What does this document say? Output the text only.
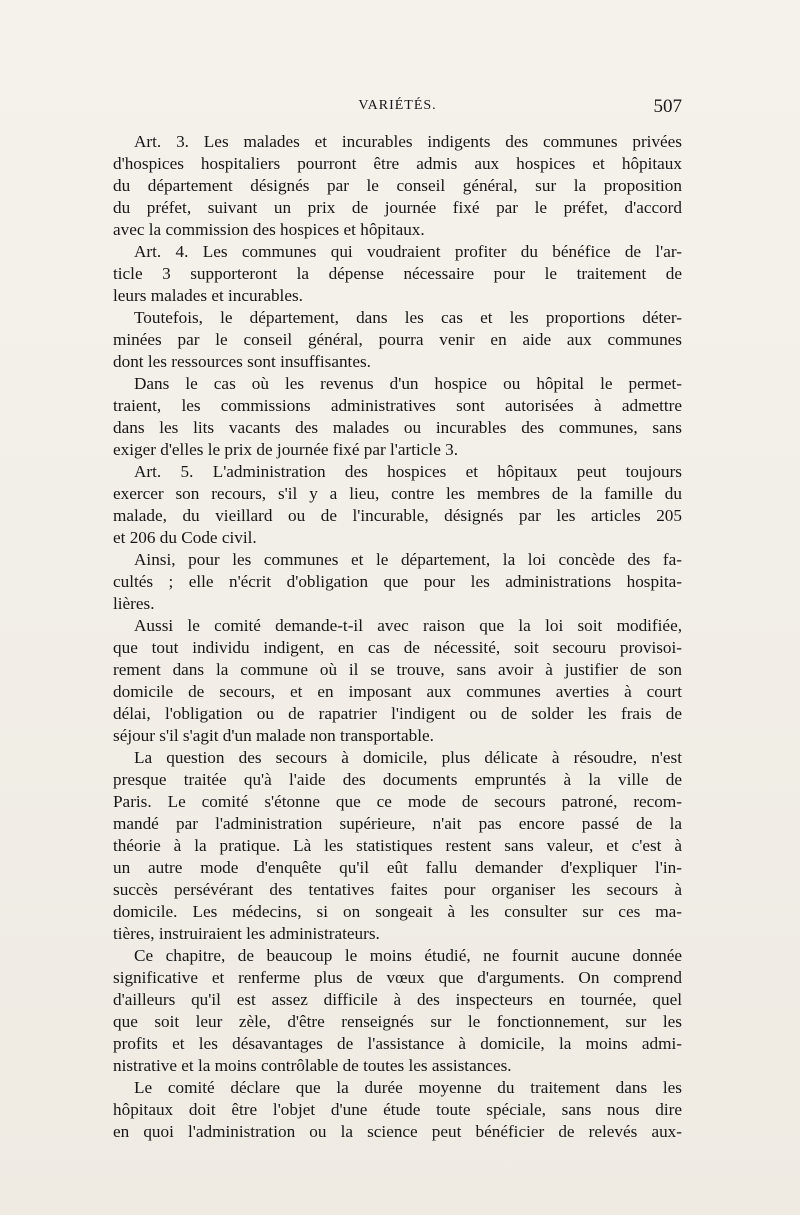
VARIÉTÉS.	507
Art. 3. Les malades et incurables indigents des communes privées
d'hospices hospitaliers pourront être admis aux hospices et hôpitaux
du département désignés par le conseil général, sur la proposition
du préfet, suivant un prix de journée fixé par le préfet, d'accord
avec la commission des hospices et hôpitaux.
Art. 4. Les communes qui voudraient profiter du bénéfice de l'ar-
ticle 3 supporteront la dépense nécessaire pour le traitement de
leurs malades et incurables.
Toutefois, le département, dans les cas et les proportions déter-
minées par le conseil général, pourra venir en aide aux communes
dont les ressources sont insuffisantes.
Dans le cas où les revenus d'un hospice ou hôpital le permet-
traient, les commissions administratives sont autorisées à admettre
dans les lits vacants des malades ou incurables des communes, sans
exiger d'elles le prix de journée fixé par l'article 3.
Art. 5. L'administration des hospices et hôpitaux peut toujours
exercer son recours, s'il y a lieu, contre les membres de la famille du
malade, du vieillard ou de l'incurable, désignés par les articles 205
et 206 du Code civil.
Ainsi, pour les communes et le département, la loi concède des fa-
cultés ; elle n'écrit d'obligation que pour les administrations hospita-
lières.
Aussi le comité demande-t-il avec raison que la loi soit modifiée,
que tout individu indigent, en cas de nécessité, soit secouru provisoi-
rement dans la commune où il se trouve, sans avoir à justifier de son
domicile de secours, et en imposant aux communes averties à court
délai, l'obligation ou de rapatrier l'indigent ou de solder les frais de
séjour s'il s'agit d'un malade non transportable.
La question des secours à domicile, plus délicate à résoudre, n'est
presque traitée qu'à l'aide des documents empruntés à la ville de
Paris. Le comité s'étonne que ce mode de secours patroné, recom-
mandé par l'administration supérieure, n'ait pas encore passé de la
théorie à la pratique. Là les statistiques restent sans valeur, et c'est à
un autre mode d'enquête qu'il eût fallu demander d'expliquer l'in-
succès persévérant des tentatives faites pour organiser les secours à
domicile. Les médecins, si on songeait à les consulter sur ces ma-
tières, instruiraient les administrateurs.
Ce chapitre, de beaucoup le moins étudié, ne fournit aucune donnée
significative et renferme plus de vœux que d'arguments. On comprend
d'ailleurs qu'il est assez difficile à des inspecteurs en tournée, quel
que soit leur zèle, d'être renseignés sur le fonctionnement, sur les
profits et les désavantages de l'assistance à domicile, la moins admi-
nistrative et la moins contrôlable de toutes les assistances.
Le comité déclare que la durée moyenne du traitement dans les
hôpitaux doit être l'objet d'une étude toute spéciale, sans nous dire
en quoi l'administration ou la science peut bénéficier de relevés aux-
